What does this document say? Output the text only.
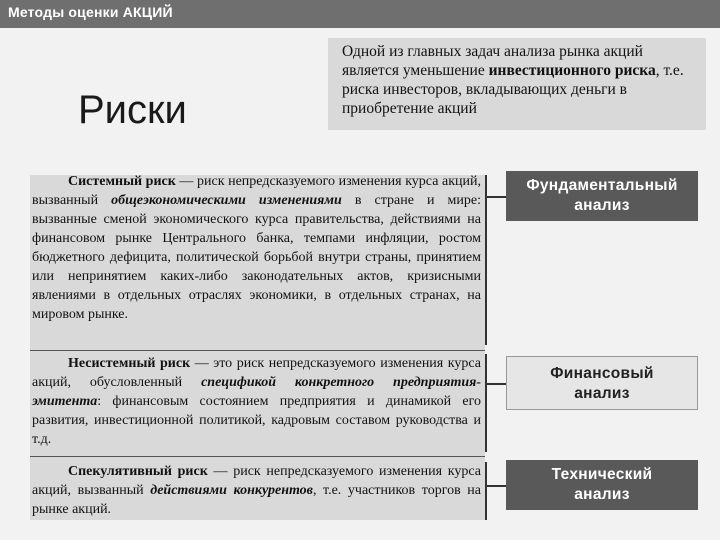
Методы оценки АКЦИЙ
Риски
Одной из главных задач анализа рынка акций является уменьшение инвестиционного риска, т.е. риска инвесторов, вкладывающих деньги в приобретение акций
Системный риск — риск непредсказуемого изменения курса акций, вызванный общеэкономическими изменениями в стране и мире: вызванные сменой экономического курса правительства, действиями на финансовом рынке Центрального банка, темпами инфляции, ростом бюджетного дефицита, политической борьбой внутри страны, принятием или непринятием каких-либо законодательных актов, кризисными явлениями в отдельных отраслях экономики, в отдельных странах, на мировом рынке.
Несистемный риск — это риск непредсказуемого изменения курса акций, обусловленный спецификой конкретного предприятия-эмитента: финансовым состоянием предприятия и динамикой его развития, инвестиционной политикой, кадровым составом руководства и т.д.
Спекулятивный риск — риск непредсказуемого изменения курса акций, вызванный действиями конкурентов, т.е. участников торгов на рынке акций.
Фундаментальный
анализ
Финансовый
анализ
Технический
анализ
